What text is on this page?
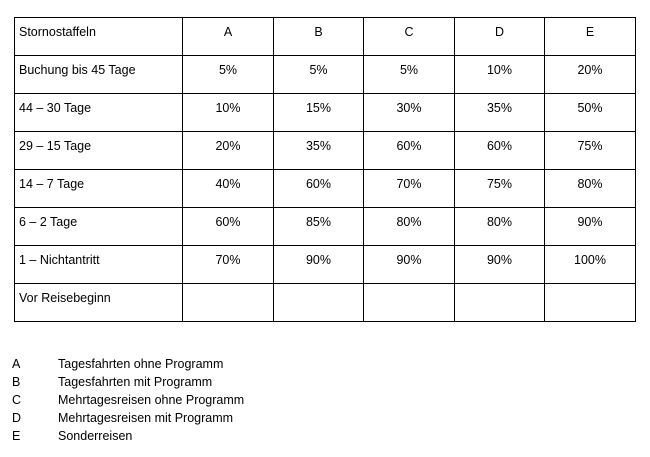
Stornostaffeln	A	B	C	D	E

Buchung bis 45 Tage	5%	5%	5%	10%	20%

44 – 30 Tage	10%	15%	30%	35%	50%

29 – 15 Tage	20%	35%	60%	60%	75%

14 – 7 Tage	40%	60%	70%	75%	80%

6 – 2 Tage	60%	85%	80%	80%	90%

1 – Nichtantritt	70%	90%	90%	90%	100%

Vor Reisebeginn					

A	Tagesfahrten ohne Programm
B	Tagesfahrten mit Programm
C	Mehrtagesreisen ohne Programm
D	Mehrtagesreisen mit Programm
E	Sonderreisen
